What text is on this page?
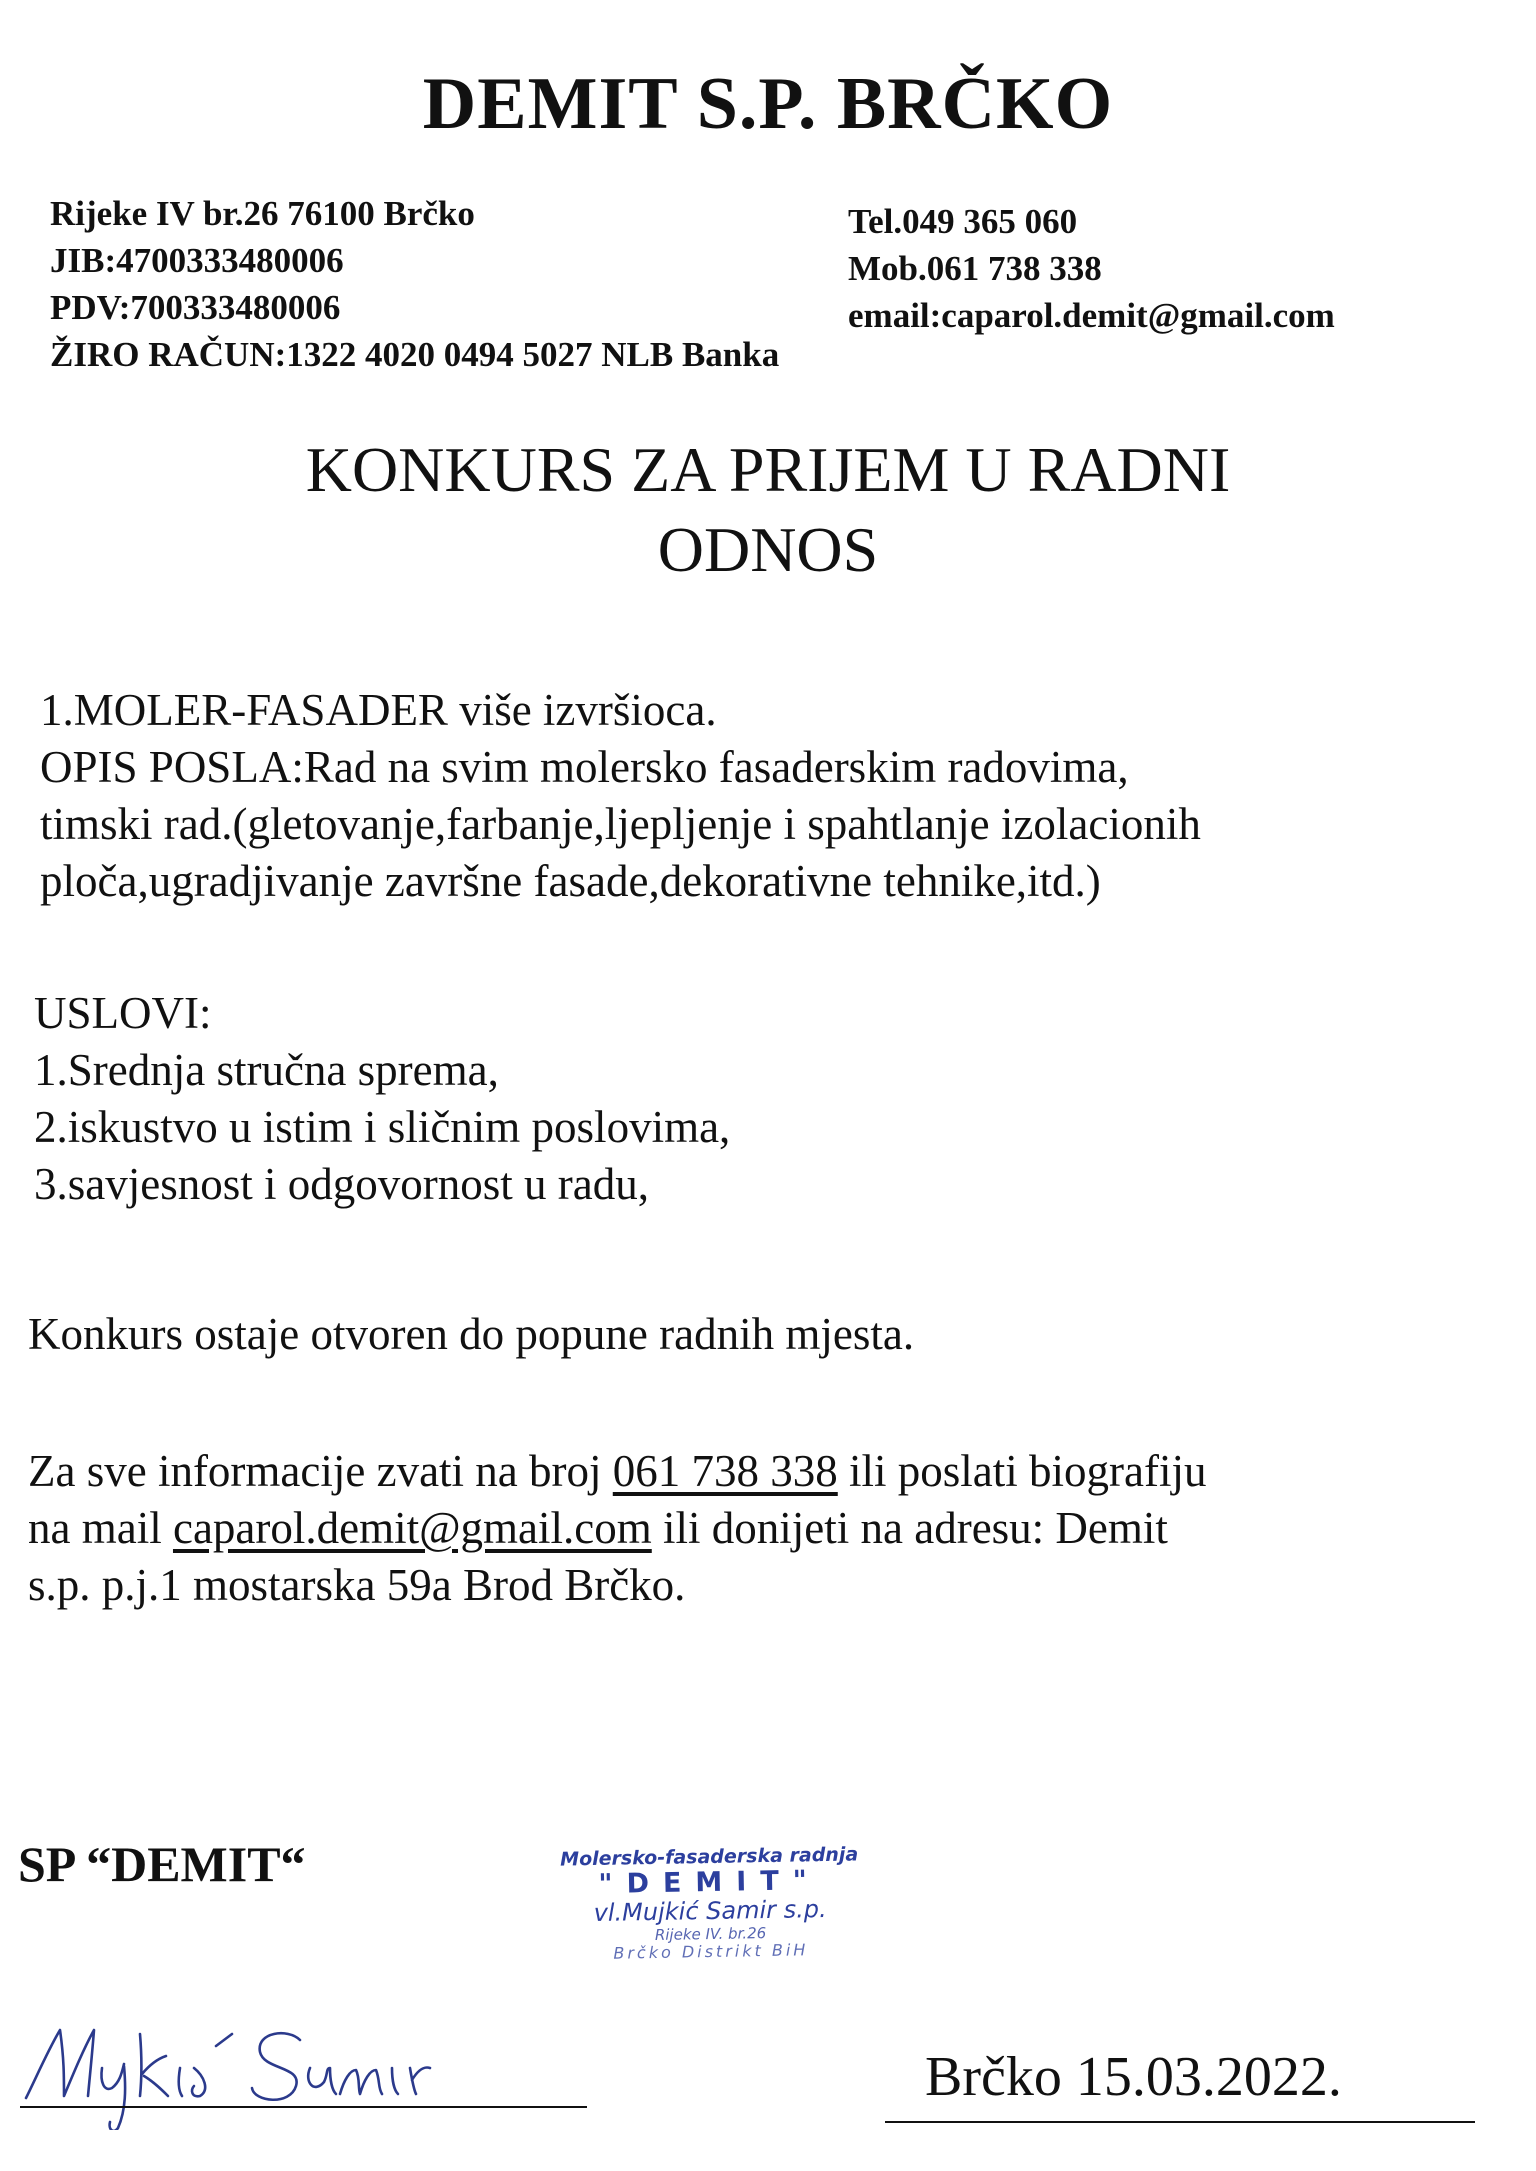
DEMIT S.P. BRČKO
Rijeke IV br.26 76100 Brčko
JIB:4700333480006
PDV:700333480006
ŽIRO RAČUN:1322 4020 0494 5027 NLB Banka
Tel.049 365 060
Mob.061 738 338
email:caparol.demit@gmail.com
KONKURS ZA PRIJEM U RADNI
ODNOS
1.MOLER-FASADER više izvršioca.
OPIS POSLA:Rad na svim molersko fasaderskim radovima,
timski rad.(gletovanje,farbanje,ljepljenje i spahtlanje izolacionih
ploča,ugradjivanje završne fasade,dekorativne tehnike,itd.)
USLOVI:
1.Srednja stručna sprema,
2.iskustvo u istim i sličnim poslovima,
3.savjesnost i odgovornost u radu,
Konkurs ostaje otvoren do popune radnih mjesta.
Za sve informacije zvati na broj 061 738 338 ili poslati biografiju
na mail caparol.demit@gmail.com ili donijeti na adresu: Demit
s.p. p.j.1 mostarska 59a Brod Brčko.
SP “DEMIT“	Molersko-fasaderska radnja
"DEMIT"
vl.Mujkić Samir s.p.
Rijeke IV. br.26
Brčko Distrikt BiH
Brčko 15.03.2022.
